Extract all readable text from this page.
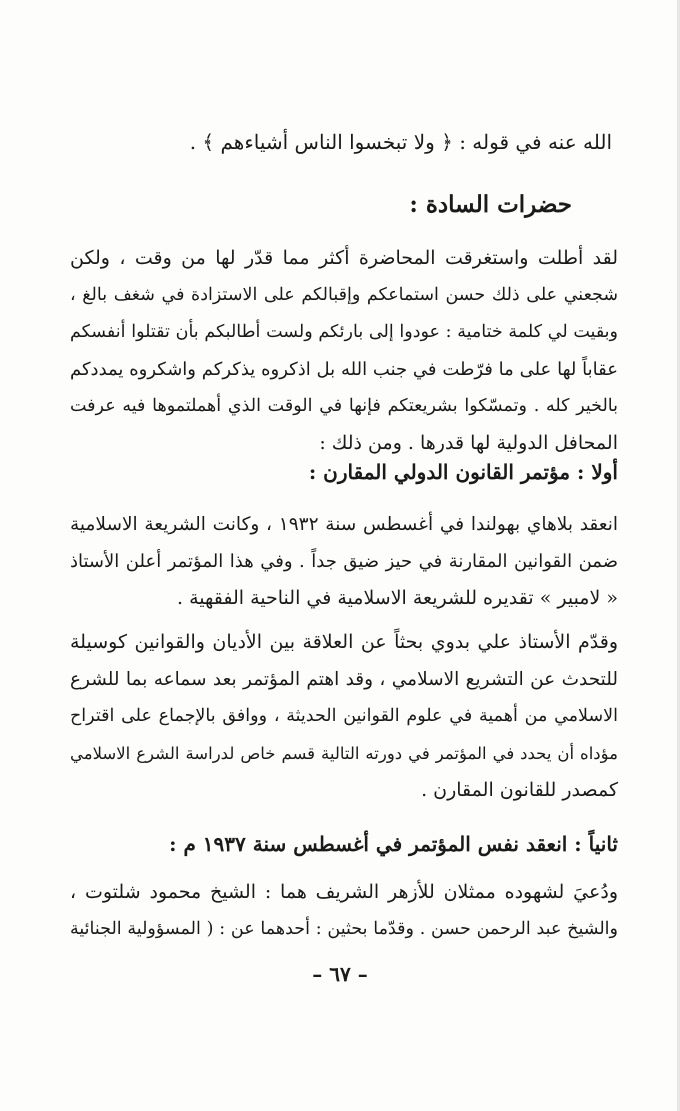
الله عنه في قوله : ﴿ ولا تبخسوا الناس أشياءهم ﴾ .
حضرات السادة :
لقد أطلت واستغرقت المحاضرة أكثر مما قدّر لها من وقت ، ولكن
شجعني على ذلك حسن استماعكم وإقبالكم على الاستزادة في شغف بالغ ،
وبقيت لي كلمة ختامية : عودوا إلى بارئكم ولست أطالبكم بأن تقتلوا أنفسكم
عقاباً لها على ما فرّطت في جنب الله بل اذكروه يذكركم واشكروه يمددكم
بالخير كله . وتمسّكوا بشريعتكم فإنها في الوقت الذي أهملتموها فيه عرفت
المحافل الدولية لها قدرها . ومن ذلك :
أولا : مؤتمر القانون الدولي المقارن :
انعقد بلاهاي بهولندا في أغسطس سنة ١٩٣٢ ، وكانت الشريعة الاسلامية
ضمن القوانين المقارنة في حيز ضيق جداً . وفي هذا المؤتمر أعلن الأستاذ
« لامبير » تقديره للشريعة الاسلامية في الناحية الفقهية .
وقدّم الأستاذ علي بدوي بحثاً عن العلاقة بين الأديان والقوانين كوسيلة
للتحدث عن التشريع الاسلامي ، وقد اهتم المؤتمر بعد سماعه بما للشرع
الاسلامي من أهمية في علوم القوانين الحديثة ، ووافق بالإجماع على اقتراح
مؤداه أن يحدد في المؤتمر في دورته التالية قسم خاص لدراسة الشرع الاسلامي
كمصدر للقانون المقارن .
ثانياً : انعقد نفس المؤتمر في أغسطس سنة ١٩٣٧ م :
ودُعيَ لشهوده ممثلان للأزهر الشريف هما : الشيخ محمود شلتوت ،
والشيخ عبد الرحمن حسن . وقدّما بحثين : أحدهما عن : ( المسؤولية الجنائية
– ٦٧ –
